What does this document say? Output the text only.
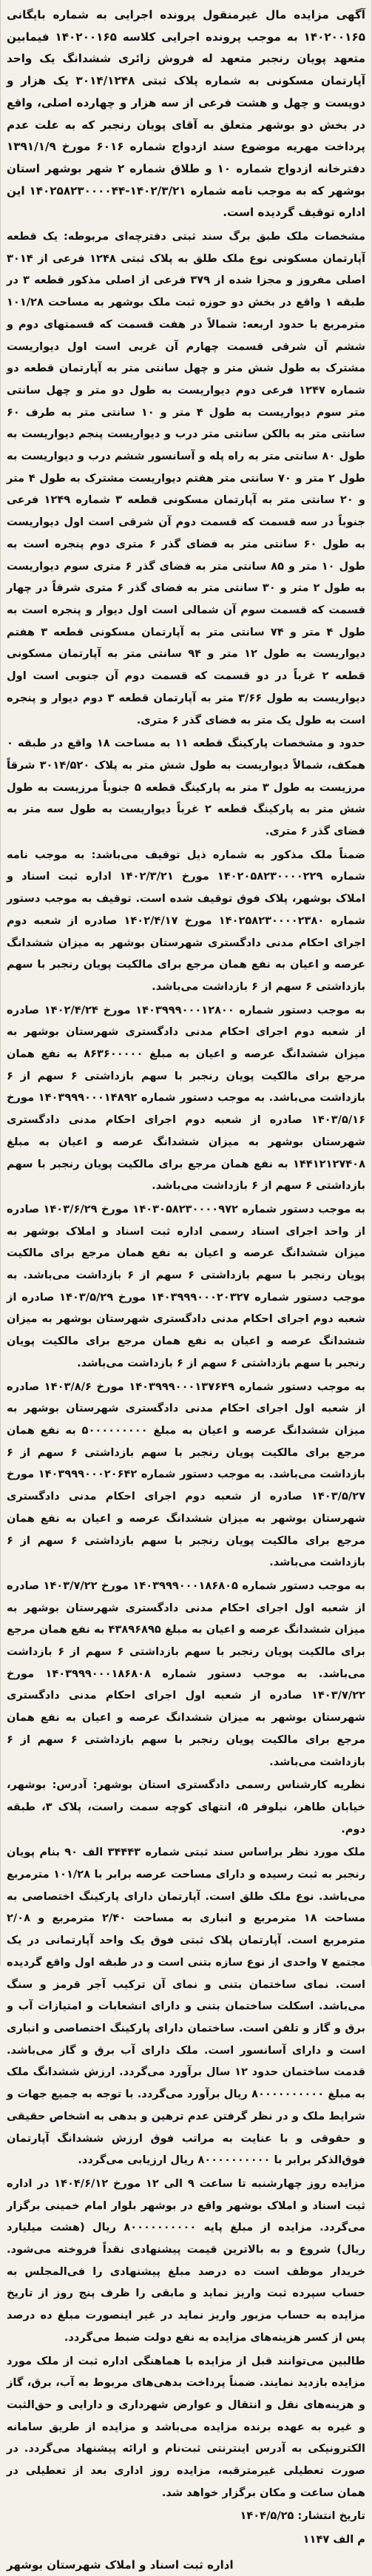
آگهی مزایده مال غیرمنقول پرونده اجرایی به شماره بایگانی ۱۴۰۲۰۰۱۶۵ به موجب پرونده اجرایی کلاسه ۱۴۰۲۰۰۱۶۵ فیمابین متعهد پویان رنجبر متعهد له فروش زائری ششدانگ یک واحد آپارتمان مسکونی به شماره پلاک ثبتی ۳۰۱۴/۱۲۴۸ یک هزار و دویست و چهل و هشت فرعی از سه هزار و چهارده اصلی، واقع در بخش دو بوشهر متعلق به آقای پویان رنجبر که به علت عدم پرداخت مهریه موضوع سند ازدواج شماره ۶۰۱۶ مورخ ۱۳۹۱/۱/۹ دفترخانه ازدواج شماره ۱۰ و طلاق شماره ۲ شهر بوشهر استان بوشهر که به موجب نامه شماره ۱۴۰۲/۳/۲۱-۱۴۰۲۵۸۲۳۰۰۰۰۴۴ این اداره توقیف گردیده است.

مشخصات ملک طبق برگ سند ثبتی دفترچه‌ای مربوطه: یک قطعه آپارتمان مسکونی نوع ملک طلق به پلاک ثبتی ۱۲۴۸ فرعی از ۳۰۱۴ اصلی مفروز و مجزا شده از ۳۷۹ فرعی از اصلی مذکور قطعه ۳ در طبقه ۱ واقع در بخش دو حوزه ثبت ملک بوشهر به مساحت ۱۰۱/۲۸ مترمربع با حدود اربعه: شمالاً در هفت قسمت که قسمتهای دوم و ششم آن شرقی قسمت چهارم آن غربی است اول دیواریست مشترک به طول شش متر و چهل سانتی متر به آپارتمان قطعه دو شماره ۱۲۴۷ فرعی دوم دیواریست به طول دو متر و چهل سانتی متر سوم دیواریست به طول ۴ متر و ۱۰ سانتی متر به طرف ۶۰ سانتی متر به بالکن سانتی متر درب و دیواریست پنجم دیواریست به طول ۸۰ سانتی متر به راه پله و آسانسور ششم درب و دیواریست به طول ۲ متر و ۷۰ سانتی متر هفتم دیواریست مشترک به طول ۴ متر و ۲۰ سانتی متر به آپارتمان مسکونی قطعه ۳ شماره ۱۲۴۹ فرعی جنوباً در سه قسمت که قسمت دوم آن شرقی است اول دیواریست به طول ۶۰ سانتی متر به فضای گذر ۶ متری دوم پنجره است به طول ۱۰ متر و ۸۵ سانتی متر به فضای گذر ۶ متری سوم دیواریست به طول ۲ متر و ۳۰ سانتی متر به فضای گذر ۶ متری شرقاً در چهار قسمت که قسمت سوم آن شمالی است اول دیوار و پنجره است به طول ۴ متر و ۷۴ سانتی متر به آپارتمان مسکونی قطعه ۳ هفتم دیواریست به طول ۱۲ متر و ۹۴ سانتی متر به آپارتمان مسکونی قطعه ۲ غرباً در دو قسمت که قسمت دوم آن جنوبی است اول دیواریست به طول ۳/۶۶ متر به آپارتمان قطعه ۳ دوم دیوار و پنجره است به طول یک متر به فضای گذر ۶ متری.

حدود و مشخصات پارکینگ قطعه ۱۱ به مساحت ۱۸ واقع در طبقه ۰ همکف، شمالاً دیواریست به طول شش متر به پلاک ۳۰۱۴/۵۲۰ شرقاً مرزیست به طول ۳ متر به پارکینگ قطعه ۵ جنوباً مرزیست به طول شش متر به پارکینگ قطعه ۲ غرباً دیواریست به طول سه متر به فضای گذر ۶ متری.

ضمناً ملک مذکور به شماره ذیل توقیف می‌باشد: به موجب نامه شماره ۱۴۰۲۰۵۸۲۳۰۰۰۰۲۲۹ مورخ ۱۴۰۲/۳/۲۱ اداره ثبت اسناد و املاک بوشهر، پلاک فوق توقیف شده است. توقیف به موجب دستور شماره ۱۴۰۲۵۸۲۳۰۰۰۰۲۳۸۰ مورخ ۱۴۰۲/۴/۱۷ صادره از شعبه دوم اجرای احکام مدنی دادگستری شهرستان بوشهر به میزان ششدانگ عرصه و اعیان به نفع همان مرجع برای مالکیت پویان رنجبر با سهم بازداشتی ۶ سهم از ۶ بازداشت می‌باشد.

به موجب دستور شماره ۱۴۰۳۹۹۹۰۰۰۱۲۸۰۰ مورخ ۱۴۰۲/۴/۲۴ صادره از شعبه دوم اجرای احکام مدنی دادگستری شهرستان بوشهر به میزان ششدانگ عرصه و اعیان به مبلغ ۸۶۳۶۰۰۰۰۰ به نفع همان مرجع برای مالکیت پویان رنجبر با سهم بازداشتی ۶ سهم از ۶ بازداشت می‌باشد. به موجب دستور شماره ۱۴۰۳۹۹۹۰۰۰۱۴۸۹۲ مورخ ۱۴۰۳/۵/۱۶ صادره از شعبه دوم اجرای احکام مدنی دادگستری شهرستان بوشهر به میزان ششدانگ عرصه و اعیان به مبلغ ۱۴۴۱۲۱۲۷۴۰۸ به نفع همان مرجع برای مالکیت پویان رنجبر با سهم بازداشتی ۶ سهم از ۶ بازداشت می‌باشد.

به موجب دستور شماره ۱۴۰۳۰۵۸۲۳۰۰۰۰۹۷۲ مورخ ۱۴۰۳/۶/۲۹ صادره از واحد اجرای اسناد رسمی اداره ثبت اسناد و املاک بوشهر به میزان ششدانگ عرصه و اعیان به نفع همان مرجع برای مالکیت پویان رنجبر با سهم بازداشتی ۶ سهم از ۶ بازداشت می‌باشد. به موجب دستور شماره ۱۴۰۳۹۹۹۰۰۰۲۰۳۲۷ مورخ ۱۴۰۳/۵/۲۹ صادره از شعبه دوم اجرای احکام مدنی دادگستری شهرستان بوشهر به میزان ششدانگ عرصه و اعیان به نفع همان مرجع برای مالکیت پویان رنجبر با سهم بازداشتی ۶ سهم از ۶ بازداشت می‌باشد.

به موجب دستور شماره ۱۴۰۳۹۹۹۰۰۰۱۳۷۶۴۹ مورخ ۱۴۰۳/۸/۶ صادره از شعبه اول اجرای احکام مدنی دادگستری شهرستان بوشهر به میزان ششدانگ عرصه و اعیان به مبلغ ۵۰۰۰۰۰۰۰۰۰ به نفع همان مرجع برای مالکیت پویان رنجبر با سهم بازداشتی ۶ سهم از ۶ بازداشت می‌باشد. به موجب دستور شماره ۱۴۰۳۹۹۹۰۰۰۲۰۶۴۲ مورخ ۱۴۰۳/۵/۲۷ صادره از شعبه دوم اجرای احکام مدنی دادگستری شهرستان بوشهر به میزان ششدانگ عرصه و اعیان به نفع همان مرجع برای مالکیت پویان رنجبر با سهم بازداشتی ۶ سهم از ۶ بازداشت می‌باشد.

به موجب دستور شماره ۱۴۰۳۹۹۹۰۰۰۱۸۶۸۰۵ مورخ ۱۴۰۳/۷/۲۲ صادره از شعبه اول اجرای احکام مدنی دادگستری شهرستان بوشهر به میزان ششدانگ عرصه و اعیان به مبلغ ۴۳۸۹۶۸۹۵ به نفع همان مرجع برای مالکیت پویان رنجبر با سهم بازداشتی ۶ سهم از ۶ بازداشت می‌باشد. به موجب دستور شماره ۱۴۰۳۹۹۹۰۰۰۱۸۶۸۰۸ مورخ ۱۴۰۳/۷/۲۲ صادره از شعبه اول اجرای احکام مدنی دادگستری شهرستان بوشهر به میزان ششدانگ عرصه و اعیان به نفع همان مرجع برای مالکیت پویان رنجبر با سهم بازداشتی ۶ سهم از ۶ بازداشت می‌باشد.

نظریه کارشناس رسمی دادگستری استان بوشهر: آدرس: بوشهر، خیابان طاهر، نیلوفر ۵، انتهای کوچه سمت راست، پلاک ۳، طبقه دوم.

ملک مورد نظر براساس سند ثبتی شماره ۳۴۴۴۳ الف ۹۰ بنام پویان رنجبر به ثبت رسیده و دارای مساحت عرصه برابر با ۱۰۱/۲۸ مترمربع می‌باشد. نوع ملک طلق است. آپارتمان دارای پارکینگ اختصاصی به مساحت ۱۸ مترمربع و انباری به مساحت ۲/۴۰ مترمربع و ۲/۰۸ مترمربع است. آپارتمان پلاک ثبتی فوق یک واحد آپارتمانی در یک مجتمع ۷ واحدی از نوع سازه بتنی است و در طبقه اول واقع گردیده است. نمای ساختمان بتنی و نمای آن ترکیب آجر قرمز و سنگ می‌باشد. اسکلت ساختمان بتنی و دارای انشعابات و امتیازات آب و برق و گاز و تلفن است. ساختمان دارای پارکینگ اختصاصی و انباری است و دارای آسانسور است. ملک دارای آب برق و گاز می‌باشد. قدمت ساختمان حدود ۱۲ سال برآورد می‌گردد. ارزش ششدانگ ملک به مبلغ ۸۰۰۰۰۰۰۰۰۰۰ ریال برآورد می‌گردد. با توجه به جمیع جهات و شرایط ملک و در نظر گرفتن عدم ترهین و بدهی به اشخاص حقیقی و حقوقی و با عنایت به مراتب فوق ارزش ششدانگ آپارتمان فوق‌الذکر برابر با ۸۰۰۰۰۰۰۰۰۰۰ ریال ارزیابی می‌گردد.

مزایده روز چهارشنبه تا ساعت ۹ الی ۱۲ مورخ ۱۴۰۴/۶/۱۲ در اداره ثبت اسناد و املاک بوشهر واقع در بوشهر بلوار امام خمینی برگزار می‌گردد. مزایده از مبلغ پایه ۸۰۰۰۰۰۰۰۰۰۰ ریال (هشت میلیارد ریال) شروع و به بالاترین قیمت پیشنهادی نقداً فروخته می‌شود. خریدار موظف است ده درصد مبلغ پیشنهادی را فی‌المجلس به حساب سپرده ثبت واریز نماید و مابقی را ظرف پنج روز از تاریخ مزایده به حساب مزبور واریز نماید در غیر اینصورت مبلغ ده درصد پس از کسر هزینه‌های مزایده به نفع دولت ضبط می‌گردد.

طالبین می‌توانند قبل از مزایده با هماهنگی اداره ثبت از ملک مورد مزایده بازدید نمایند. ضمناً پرداخت بدهی‌های مربوط به آب، برق، گاز و هزینه‌های نقل و انتقال و عوارض شهرداری و دارایی و حق‌الثبت و غیره به عهده برنده مزایده می‌باشد و مزایده از طریق سامانه الکترونیکی به آدرس اینترنتی ثبت‌نام و ارائه پیشنهاد می‌گردد. در صورت تعطیلی غیرمترقبه، مزایده روز اداری بعد از تعطیلی در همان ساعت و مکان برگزار خواهد شد.

تاریخ انتشار: ۱۴۰۴/۵/۲۵

م الف ۱۱۴۷

اداره ثبت اسناد و املاک شهرستان بوشهر
